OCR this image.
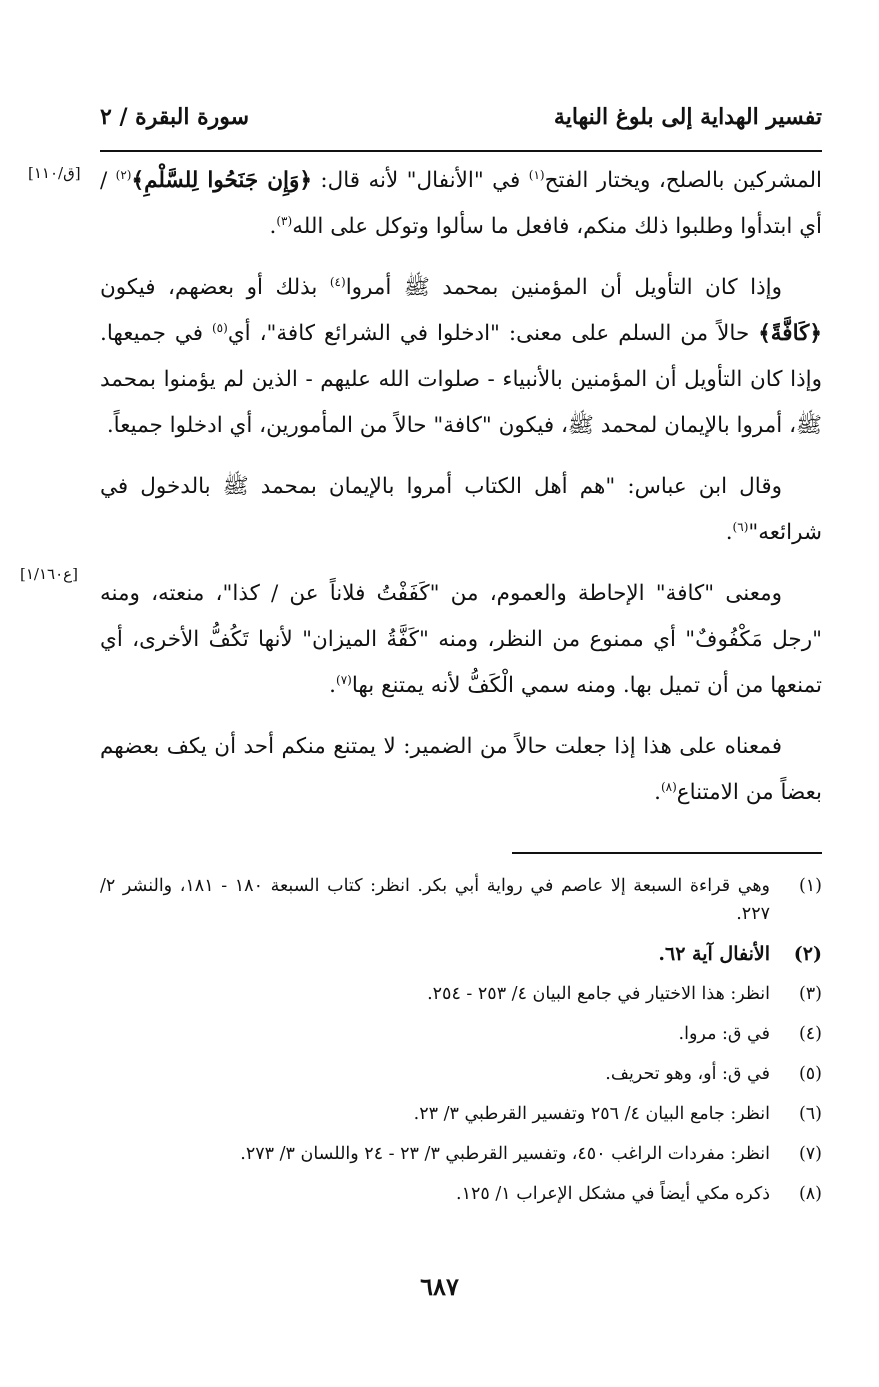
تفسير الهداية إلى بلوغ النهاية
سورة البقرة / ٢
[ق/١١٠]
[ع١/١٦٠]

المشركين بالصلح، ويختار الفتح$^{(١)}$ في "الأنفال" لأنه قال: ﴿وَإِن جَنَحُوا لِلسَّلْمِ﴾$^{(٢)}$ / أي ابتدأوا وطلبوا ذلك منكم، فافعل ما سألوا وتوكل على الله$^{(٣)}$.

وإذا كان التأويل أن المؤمنين بمحمد ﷺ أمروا$^{(٤)}$ بذلك أو بعضهم، فيكون ﴿كَافَّةً﴾ حالاً من السلم على معنى: "ادخلوا في الشرائع كافة"، أي$^{(٥)}$ في جميعها. وإذا كان التأويل أن المؤمنين بالأنبياء - صلوات الله عليهم - الذين لم يؤمنوا بمحمد ﷺ، أمروا بالإيمان لمحمد ﷺ، فيكون "كافة" حالاً من المأمورين، أي ادخلوا جميعاً.

وقال ابن عباس: "هم أهل الكتاب أمروا بالإيمان بمحمد ﷺ بالدخول في شرائعه"$^{(٦)}$.

ومعنى "كافة" الإحاطة والعموم، من "كَفَفْتُ فلاناً عن / كذا"، منعته، ومنه "رجل مَكْفُوفٌ" أي ممنوع من النظر، ومنه "كَفَّةُ الميزان" لأنها تَكُفُّ الأخرى، أي تمنعها من أن تميل بها. ومنه سمي الْكَفُّ لأنه يمتنع بها$^{(٧)}$.

فمعناه على هذا إذا جعلت حالاً من الضمير: لا يمتنع منكم أحد أن يكف بعضهم بعضاً من الامتناع$^{(٨)}$.

(١)
وهي قراءة السبعة إلا عاصم في رواية أبي بكر. انظر: كتاب السبعة ١٨٠ - ١٨١، والنشر ٢/ ٢٢٧.
(٢)
الأنفال آية ٦٢.
(٣)
انظر: هذا الاختيار في جامع البيان ٤/ ٢٥٣ - ٢٥٤.
(٤)
في ق: مروا.
(٥)
في ق: أو، وهو تحريف.
(٦)
انظر: جامع البيان ٤/ ٢٥٦ وتفسير القرطبي ٣/ ٢٣.
(٧)
انظر: مفردات الراغب ٤٥٠، وتفسير القرطبي ٣/ ٢٣ - ٢٤ واللسان ٣/ ٢٧٣.
(٨)
ذكره مكي أيضاً في مشكل الإعراب ١/ ١٢٥.
٦٨٧
